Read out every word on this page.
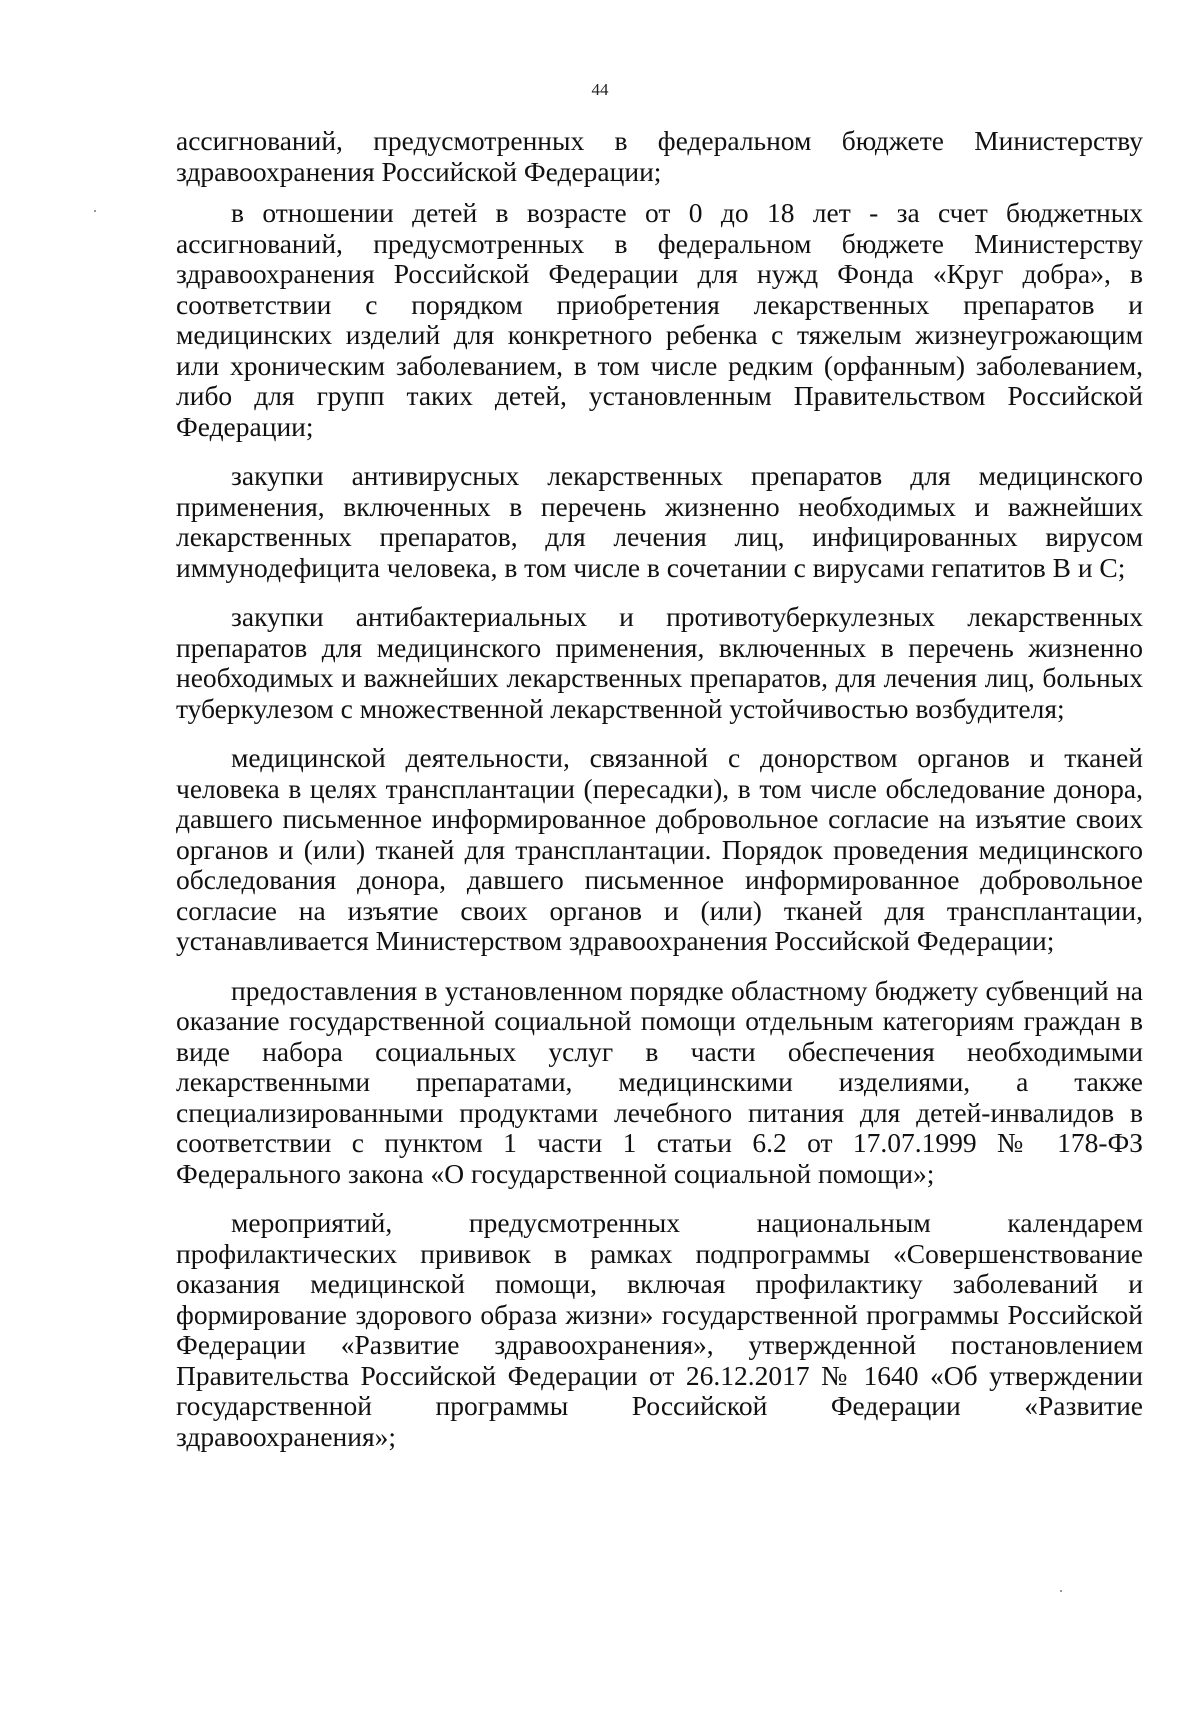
44

ассигнований, предусмотренных в федеральном бюджете Министерству здравоохранения Российской Федерации;

в отношении детей в возрасте от 0 до 18 лет - за счет бюджетных ассигнований, предусмотренных в федеральном бюджете Министерству здравоохранения Российской Федерации для нужд Фонда «Круг добра», в соответствии с порядком приобретения лекарственных препаратов и медицинских изделий для конкретного ребенка с тяжелым жизнеугрожающим или хроническим заболеванием, в том числе редким (орфанным) заболеванием, либо для групп таких детей, установленным Правительством Российской Федерации;

закупки антивирусных лекарственных препаратов для медицинского применения, включенных в перечень жизненно необходимых и важнейших лекарственных препаратов, для лечения лиц, инфицированных вирусом иммунодефицита человека, в том числе в сочетании с вирусами гепатитов В и С;

закупки антибактериальных и противотуберкулезных лекарственных препаратов для медицинского применения, включенных в перечень жизненно необходимых и важнейших лекарственных препаратов, для лечения лиц, больных туберкулезом с множественной лекарственной устойчивостью возбудителя;

медицинской деятельности, связанной с донорством органов и тканей человека в целях трансплантации (пересадки), в том числе обследование донора, давшего письменное информированное добровольное согласие на изъятие своих органов и (или) тканей для трансплантации. Порядок проведения медицинского обследования донора, давшего письменное информированное добровольное согласие на изъятие своих органов и (или) тканей для трансплантации, устанавливается Министерством здравоохранения Российской Федерации;

предоставления в установленном порядке областному бюджету субвенций на оказание государственной социальной помощи отдельным категориям граждан в виде набора социальных услуг в части обеспечения необходимыми лекарственными препаратами, медицинскими изделиями, а также специализированными продуктами лечебного питания для детей-инвалидов в соответствии с пунктом 1 части 1 статьи 6.2 от 17.07.1999 № 178-ФЗ Федерального закона «О государственной социальной помощи»;

мероприятий, предусмотренных национальным календарем профилактических прививок в рамках подпрограммы «Совершенствование оказания медицинской помощи, включая профилактику заболеваний и формирование здорового образа жизни» государственной программы Российской Федерации «Развитие здравоохранения», утвержденной постановлением Правительства Российской Федерации от 26.12.2017 № 1640 «Об утверждении государственной программы Российской Федерации «Развитие здравоохранения»;
